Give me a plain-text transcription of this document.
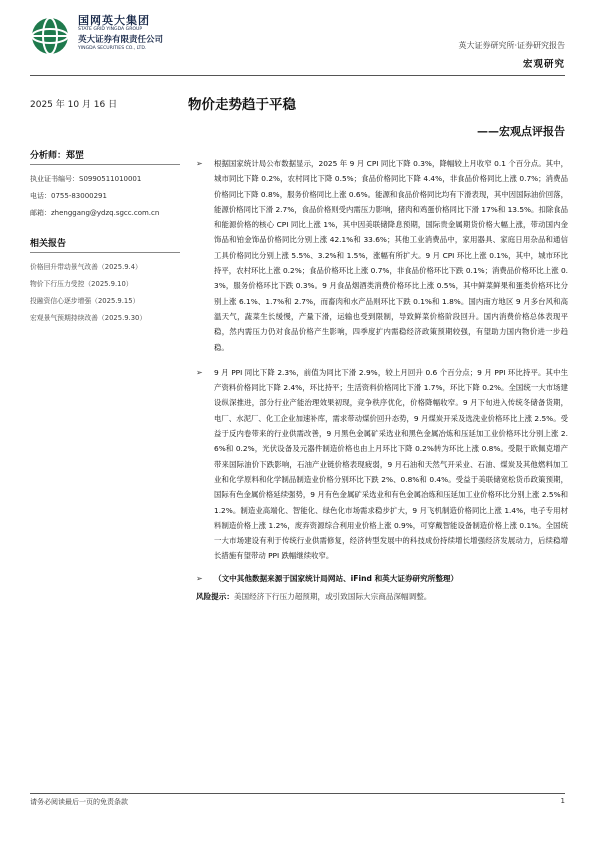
国网英大集团
STATE GRID YINGDA GROUP
英大证券有限责任公司
YINGDA SECURITIES CO., LTD.	英大证券研究所·证券研究报告
宏观研究
2025 年 10 月 16 日	物价走势趋于平稳
——宏观点评报告
分析师：郑罡
执业证书编号：S0990511010001
电话：0755-83000291
邮箱：zhenggang@ydzq.sgcc.com.cn
相关报告
价格回升带动景气改善（2025.9.4）
物价下行压力受控（2025.9.10）
投融资信心逐步增强（2025.9.15）
宏观景气预期持续改善（2025.9.30）
➢ 根据国家统计局公布数据显示，2025 年 9 月 CPI 同比下降 0.3%，降幅较上月收窄 0.1 个百分点。其中，城市同比下降 0.2%，农村同比下降 0.5%；食品价格同比下降 4.4%，非食品价格同比上涨 0.7%；消费品价格同比下降 0.8%，服务价格同比上涨 0.6%。能源和食品价格同比均有下滑表现，其中因国际油价回落，能源价格同比下滑 2.7%，食品价格则受内需压力影响，猪肉和鸡蛋价格同比下滑 17%和 13.5%。扣除食品和能源价格的核心 CPI 同比上涨 1%，其中因美联储降息预期，国际贵金属期货价格大幅上涨，带动国内金饰品和铂金饰品价格同比分别上涨 42.1%和 33.6%；其他工业消费品中，家用器具、家庭日用杂品和通信工具价格同比分别上涨 5.5%、3.2%和 1.5%，涨幅有所扩大。9 月 CPI 环比上涨 0.1%，其中，城市环比持平，农村环比上涨 0.2%；食品价格环比上涨 0.7%，非食品价格环比下跌 0.1%；消费品价格环比上涨 0.3%，服务价格环比下跌 0.3%。9 月食品烟酒类消费价格环比上涨 0.5%，其中鲜菜鲜果和蛋类价格环比分别上涨 6.1%、1.7%和 2.7%，而畜肉和水产品则环比下跌 0.1%和 1.8%。国内南方地区 9 月多台风和高温天气，蔬菜生长缓慢，产量下滑，运输也受到限制，导致鲜菜价格阶段回升。国内消费价格总体表现平稳，然内需压力仍对食品价格产生影响，四季度扩内需稳经济政策预期较强，有望助力国内物价进一步趋稳。
➢ 9 月 PPI 同比下降 2.3%，前值为同比下滑 2.9%，较上月回升 0.6 个百分点；9 月 PPI 环比持平。其中生产资料价格同比下降 2.4%，环比持平；生活资料价格同比下滑 1.7%，环比下降 0.2%。全国统一大市场建设纵深推进，部分行业产能治理效果初现，竞争秩序优化，价格降幅收窄。9 月下旬进入传统冬储备货期，电厂、水泥厂、化工企业加速补库，需求带动煤价回升态势，9 月煤炭开采及选洗业价格环比上涨 2.5%。受益于反内卷带来的行业供需改善，9 月黑色金属矿采选业和黑色金属冶炼和压延加工业价格环比分别上涨 2.6%和 0.2%，光伏设备及元器件制造价格也由上月环比下降 0.2%转为环比上涨 0.8%。受限于欧佩克增产带来国际油价下跌影响，石油产业链价格表现疲弱，9 月石油和天然气开采业、石油、煤炭及其他燃料加工业和化学原料和化学制品制造业价格分别环比下跌 2%、0.8%和 0.4%。受益于美联储宽松货币政策预期，国际有色金属价格延续强势，9 月有色金属矿采选业和有色金属冶炼和压延加工业价格环比分别上涨 2.5%和 1.2%。制造业高端化、智能化、绿色化市场需求稳步扩大，9 月飞机制造价格同比上涨 1.4%，电子专用材料制造价格上涨 1.2%，废弃资源综合利用业价格上涨 0.9%，可穿戴智能设备制造价格上涨 0.1%。全国统一大市场建设有利于传统行业供需修复，经济转型发展中的科技成份持续增长增强经济发展动力，后续稳增长措施有望带动 PPI 跌幅继续收窄。
➢ （文中其他数据来源于国家统计局网站、iFind 和英大证券研究所整理）
风险提示：美国经济下行压力超预期，或引致国际大宗商品深幅调整。
请务必阅读最后一页的免责条款	1
